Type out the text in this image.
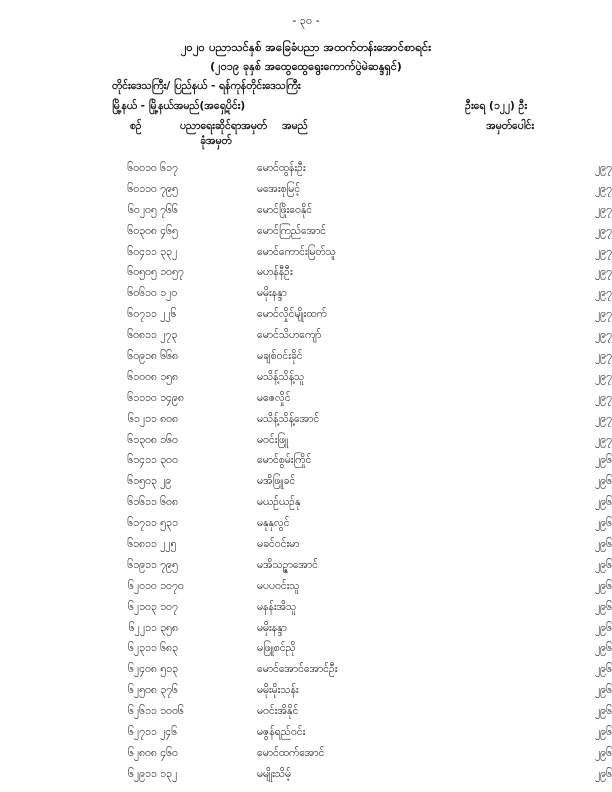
- ၃၀ -
၂၀၂၀ ပညာသင်နှစ် အခြေခံပညာ အထက်တန်းအောင်စာရင်း
(၂၀၁၉ ခုနှစ် အထွေထွေရွေးကောက်ပွဲမဲဆန္ဒရှင်)
တိုင်းဒေသကြီး/ ပြည်နယ် - ရန်ကုန်တိုင်းဒေသကြီး
မြို့နယ် - မြို့နယ်အမည်(အရှေ့ပိုင်း)	ဦးရေ (၁၂၂) ဦး
စဉ်	ပညာရေးဆိုင်ရာအမှတ်
ခုံအမှတ်
အမည်	အမှတ်ပေါင်း
၆၀၀	၁၀ ၆၁၇	မောင်ထွန်းဦး	၂၉၇
၆၀၁	၁၀ ၇၉၅	မအေးစုမြင့်	၂၉၇
၆၀၂	၀၅ ၇၆၆	မောင်ဖြိုးဝေနိုင်	၂၉၇
၆၀၃	၀၈ ၄၆၅	မောင်ကြည်အောင်	၂၉၇
၆၀၄	၁၁ ၃၃၂	မောင်ကောင်းမြတ်သူ	၂၉၇
၆၀၅	၀၅ ၁၀၅၇	မဟန်နီဦး	၂၉၇
၆၀၆	၁၀ ၁၂၀	မမိုးနန္ဒာ	၂၉၇
၆၀၇	၁၁ ၂၂၆	မောင်လှိုင်မျိုးထက်	၂၉၇
၆၀၈	၁၁ ၂၇၃	မောင်သိဟကျော်	၂၉၇
၆၀၉	၁၈ ၆၆၈	မချစ်ဝင်းခိုင်	၂၉၇
၆၁၀	၀၈ ၁၅၈	မသိန့်သိန့်သူ	၂၉၇
၆၁၁	၁၀ ၁၄၉၈	မဇေလှိုင်	၂၉၇
၆၁၂	၁၁ ၈၀၈	မသိန့်သိန့်အောင်	၂၉၇
၆၁၃	၀၈ ၁၆၀	မဝင်းဖြူ	၂၉၇
၆၁၄	၁၁ ၃၀၀	မောင်စွမ်းကြိုင်	၂၉၆
၆၁၅	၀၃ ၂၉	မအိဖြူခင်	၂၉၆
၆၁၆	၁၁ ၆၀၈	မယဉ်ယဉ်နု	၂၉၆
၆၁၇	၁၁ ၅၃၁	မနုနုလွင်	၂၉၆
၆၁၈	၁၁ ၂၂၅	မခင်ဝင်းမာ	၂၉၆
၆၁၉	၁၁ ၇၉၅	မအိသဉ္ဇာအောင်	၂၉၆
၆၂၀	၁၀ ၁၀၇၀	မပပဝင်းသူ	၂၉၆
၆၂၁	၀၃ ၁၀၇	မနန်းအိသူ	၂၉၆
၆၂၂	၁၁ ၃၅၈	မမိုးနန္ဒာ	၂၉၆
၆၂၃	၁၁ ၆၈၃	မဖြူစင်ညို	၂၉၆
၆၂၄	၀၈ ၅၁၃	မောင်အောင်အောင်ဦး	၂၉၆
၆၂၅	၀၈ ၃၇၆	မမိုးမိုးသန်း	၂၉၆
၆၂၆	၁၁ ၁၀၀၆	မဝင်းအိနိုင်	၂၉၆
၆၂၇	၁၁ ၂၄၆	မဇွန်ရည်ဝင်း	၂၉၆
၆၂၈	၀၈ ၄၆၀	မောင်ထက်အောင်	၂၉၆
၆၂၉	၁၁ ၁၃၂	မမျိုးသိမ့်	၂၉၆
